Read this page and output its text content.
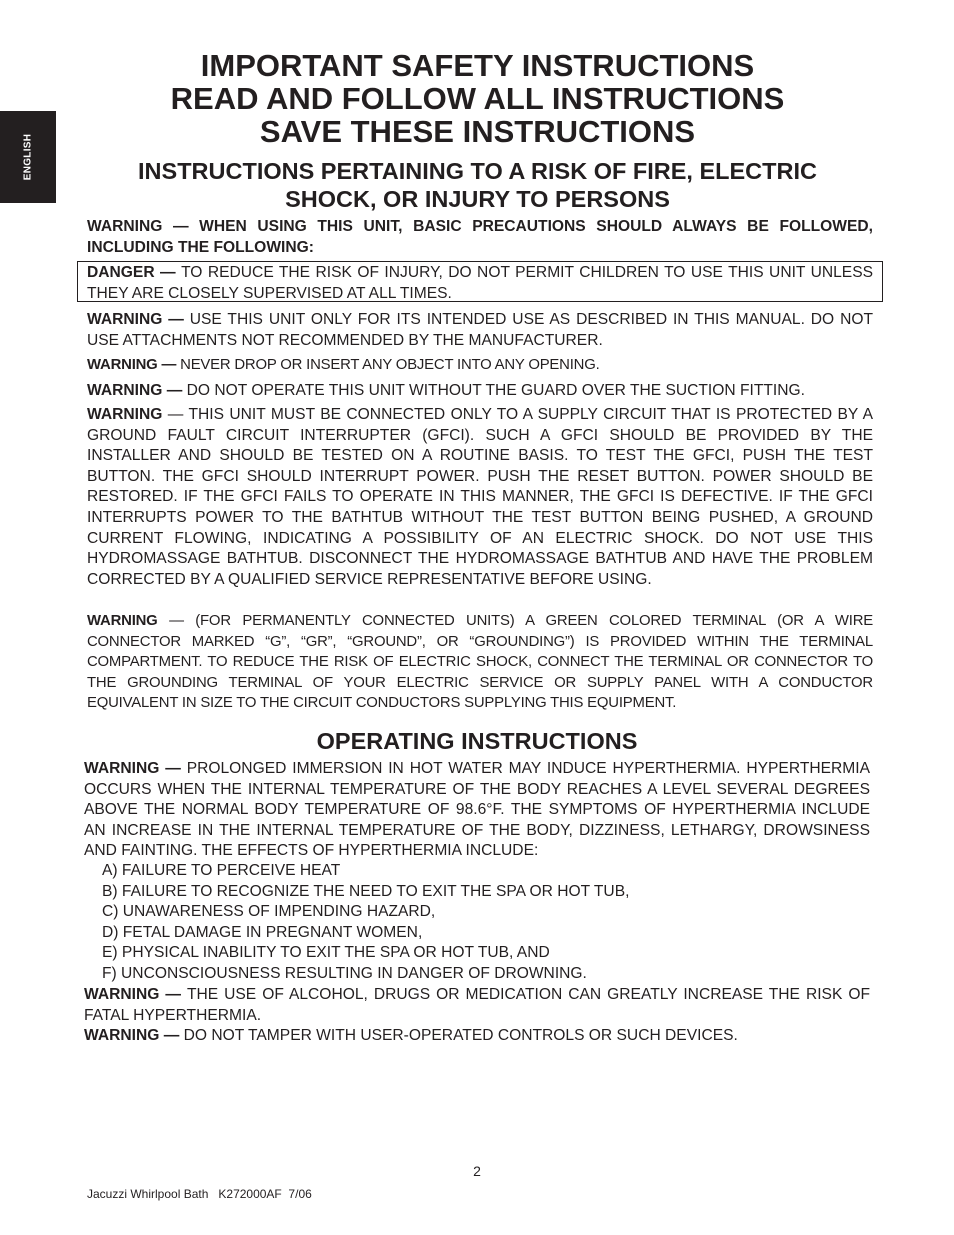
ENGLISH
IMPORTANT SAFETY INSTRUCTIONS
READ AND FOLLOW ALL INSTRUCTIONS
SAVE THESE INSTRUCTIONS
INSTRUCTIONS PERTAINING TO A RISK OF FIRE, ELECTRIC
SHOCK, OR INJURY TO PERSONS

WARNING — WHEN USING THIS UNIT, BASIC PRECAUTIONS SHOULD ALWAYS BE FOLLOWED, INCLUDING THE FOLLOWING:

DANGER — TO REDUCE THE RISK OF INJURY, DO NOT PERMIT CHILDREN TO USE THIS UNIT UNLESS THEY ARE CLOSELY SUPERVISED AT ALL TIMES.

WARNING — USE THIS UNIT ONLY FOR ITS INTENDED USE AS DESCRIBED IN THIS MANUAL. DO NOT USE ATTACHMENTS NOT RECOMMENDED BY THE MANUFACTURER.

WARNING — NEVER DROP OR INSERT ANY OBJECT INTO ANY OPENING.

WARNING — DO NOT OPERATE THIS UNIT WITHOUT THE GUARD OVER THE SUCTION FITTING.

WARNING — THIS UNIT MUST BE CONNECTED ONLY TO A SUPPLY CIRCUIT THAT IS PROTECTED BY A GROUND FAULT CIRCUIT INTERRUPTER (GFCI). SUCH A GFCI SHOULD BE PROVIDED BY THE INSTALLER AND SHOULD BE TESTED ON A ROUTINE BASIS. TO TEST THE GFCI, PUSH THE TEST BUTTON. THE GFCI SHOULD INTERRUPT POWER. PUSH THE RESET BUTTON. POWER SHOULD BE RESTORED. IF THE GFCI FAILS TO OPERATE IN THIS MANNER, THE GFCI IS DEFECTIVE. IF THE GFCI INTERRUPTS POWER TO THE BATHTUB WITHOUT THE TEST BUTTON BEING PUSHED, A GROUND CURRENT FLOWING, INDICATING A POSSIBILITY OF AN ELECTRIC SHOCK. DO NOT USE THIS HYDROMASSAGE BATHTUB. DISCONNECT THE HYDROMASSAGE BATHTUB AND HAVE THE PROBLEM CORRECTED BY A QUALIFIED SERVICE REPRESENTATIVE BEFORE USING.

WARNING — (FOR PERMANENTLY CONNECTED UNITS) A GREEN COLORED TERMINAL (OR A WIRE CONNECTOR MARKED “G”, “GR”, “GROUND”, OR “GROUNDING”) IS PROVIDED WITHIN THE TERMINAL COMPARTMENT. TO REDUCE THE RISK OF ELECTRIC SHOCK, CONNECT THE TERMINAL OR CONNECTOR TO THE GROUNDING TERMINAL OF YOUR ELECTRIC SERVICE OR SUPPLY PANEL WITH A CONDUCTOR EQUIVALENT IN SIZE TO THE CIRCUIT CONDUCTORS SUPPLYING THIS EQUIPMENT.

OPERATING INSTRUCTIONS

WARNING — PROLONGED IMMERSION IN HOT WATER MAY INDUCE HYPERTHERMIA. HYPERTHERMIA OCCURS WHEN THE INTERNAL TEMPERATURE OF THE BODY REACHES A LEVEL SEVERAL DEGREES ABOVE THE NORMAL BODY TEMPERATURE OF 98.6°F. THE SYMPTOMS OF HYPERTHERMIA INCLUDE AN INCREASE IN THE INTERNAL TEMPERATURE OF THE BODY, DIZZINESS, LETHARGY, DROWSINESS AND FAINTING. THE EFFECTS OF HYPERTHERMIA INCLUDE:

A) FAILURE TO PERCEIVE HEAT
B) FAILURE TO RECOGNIZE THE NEED TO EXIT THE SPA OR HOT TUB,
C) UNAWARENESS OF IMPENDING HAZARD,
D) FETAL DAMAGE IN PREGNANT WOMEN,
E) PHYSICAL INABILITY TO EXIT THE SPA OR HOT TUB, AND
F) UNCONSCIOUSNESS RESULTING IN DANGER OF DROWNING.

WARNING — THE USE OF ALCOHOL, DRUGS OR MEDICATION CAN GREATLY INCREASE THE RISK OF FATAL HYPERTHERMIA.

WARNING — DO NOT TAMPER WITH USER-OPERATED CONTROLS OR SUCH DEVICES.

2
Jacuzzi Whirlpool Bath   K272000AF  7/06
